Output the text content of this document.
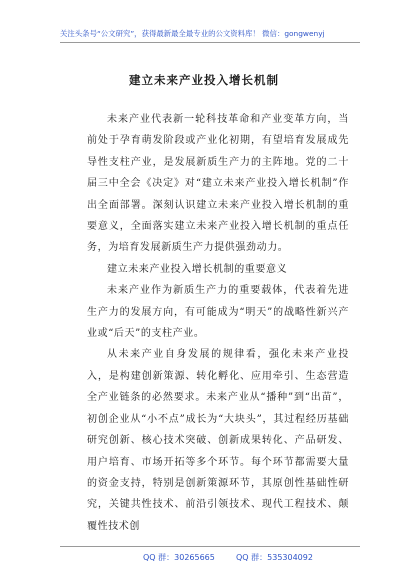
关注头条号“公文研究”，获得最新最全最专业的公文资料库！ 微信：gongwenyj
建立未来产业投入增长机制

未来产业代表新一轮科技革命和产业变革方向，当前处于孕育萌发阶段或产业化初期，有望培育发展成先导性支柱产业，是发展新质生产力的主阵地。党的二十届三中全会《决定》对“建立未来产业投入增长机制”作出全面部署。深刻认识建立未来产业投入增长机制的重要意义，全面落实建立未来产业投入增长机制的重点任务，为培育发展新质生产力提供强劲动力。

建立未来产业投入增长机制的重要意义

未来产业作为新质生产力的重要载体，代表着先进生产力的发展方向，有可能成为“明天”的战略性新兴产业或“后天”的支柱产业。

从未来产业自身发展的规律看，强化未来产业投入，是构建创新策源、转化孵化、应用牵引、生态营造全产业链条的必然要求。未来产业从“播种”到“出苗”，初创企业从“小不点”成长为“大块头”，其过程经历基础研究创新、核心技术突破、创新成果转化、产品研发、用户培育、市场开拓等多个环节。每个环节都需要大量的资金支持，特别是创新策源环节，其原创性基础性研究，关键共性技术、前沿引领技术、现代工程技术、颠覆性技术创

QQ 群：30265665	QQ 群：535304092
